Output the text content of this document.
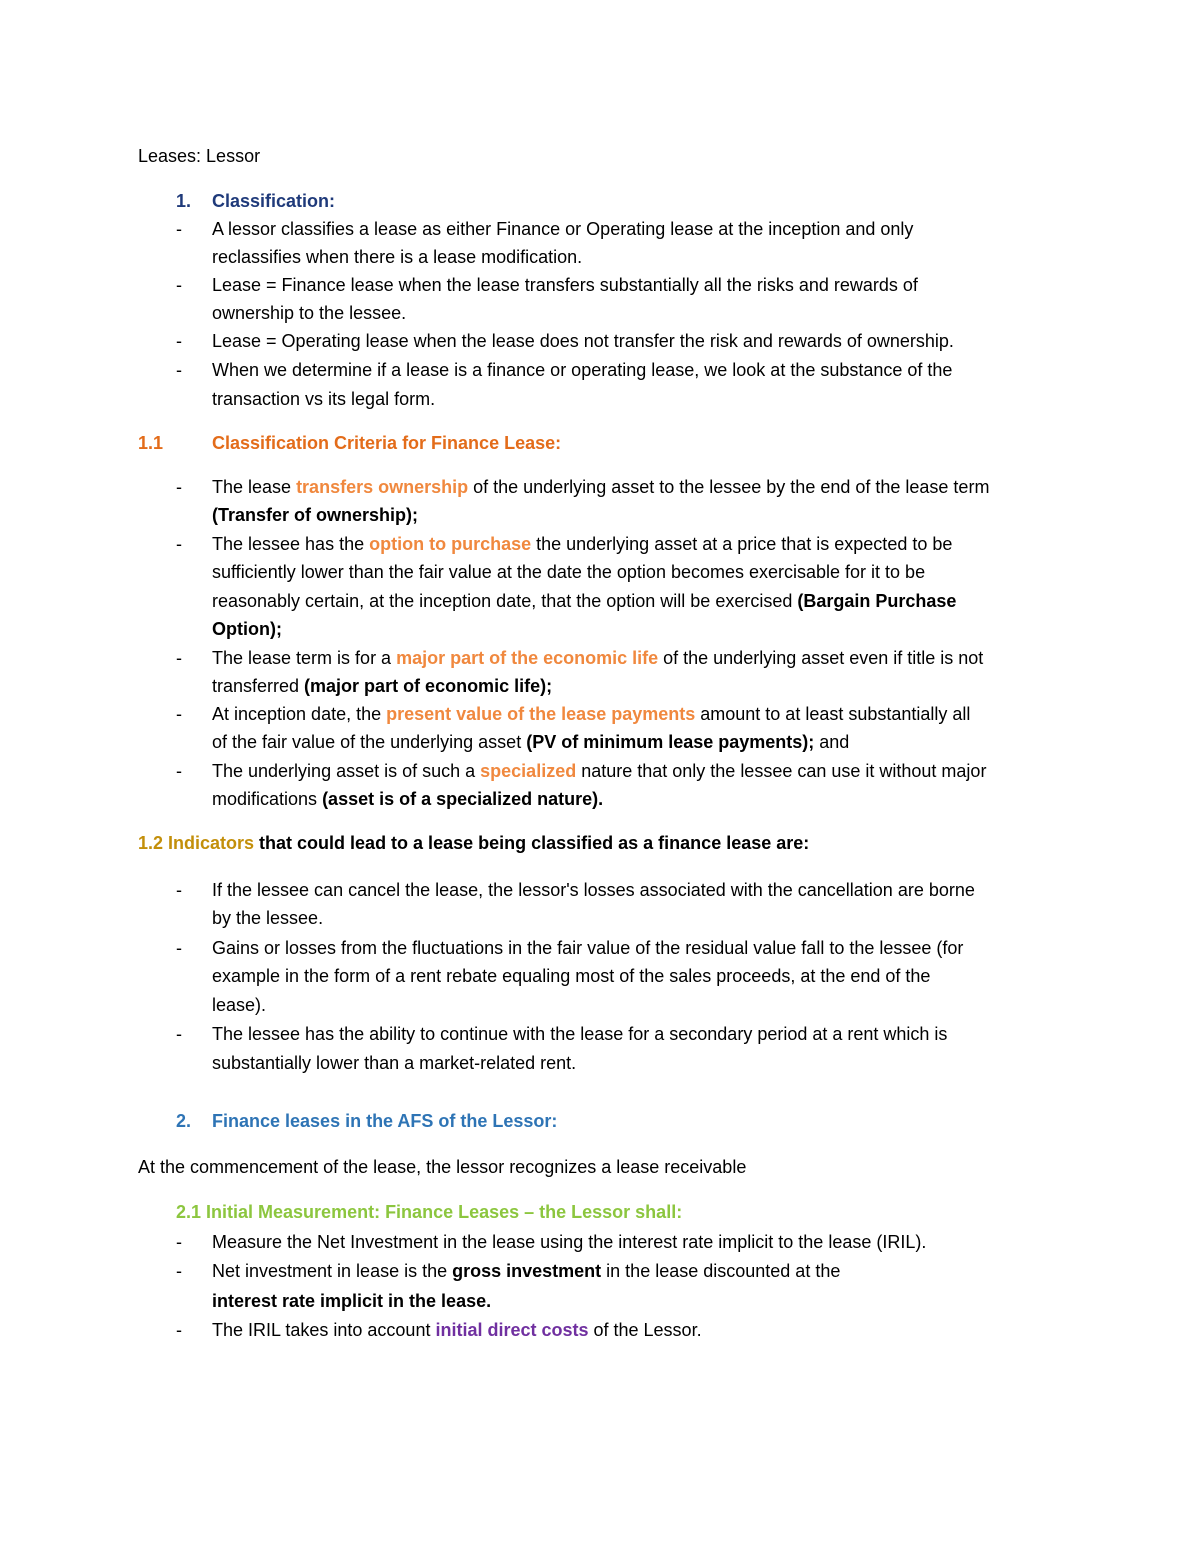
Leases: Lessor
1. Classification:
- A lessor classifies a lease as either Finance or Operating lease at the inception and only
reclassifies when there is a lease modification.
- Lease = Finance lease when the lease transfers substantially all the risks and rewards of
ownership to the lessee.
- Lease = Operating lease when the lease does not transfer the risk and rewards of ownership.
- When we determine if a lease is a finance or operating lease, we look at the substance of the
transaction vs its legal form.
1.1	Classification Criteria for Finance Lease:
- The lease transfers ownership of the underlying asset to the lessee by the end of the lease term
(Transfer of ownership);
- The lessee has the option to purchase the underlying asset at a price that is expected to be
sufficiently lower than the fair value at the date the option becomes exercisable for it to be
reasonably certain, at the inception date, that the option will be exercised (Bargain Purchase
Option);
- The lease term is for a major part of the economic life of the underlying asset even if title is not
transferred (major part of economic life);
- At inception date, the present value of the lease payments amount to at least substantially all
of the fair value of the underlying asset (PV of minimum lease payments); and
- The underlying asset is of such a specialized nature that only the lessee can use it without major
modifications (asset is of a specialized nature).
1.2 Indicators that could lead to a lease being classified as a finance lease are:
- If the lessee can cancel the lease, the lessor's losses associated with the cancellation are borne
by the lessee.
- Gains or losses from the fluctuations in the fair value of the residual value fall to the lessee (for
example in the form of a rent rebate equaling most of the sales proceeds, at the end of the
lease).
- The lessee has the ability to continue with the lease for a secondary period at a rent which is
substantially lower than a market-related rent.
2. Finance leases in the AFS of the Lessor:
At the commencement of the lease, the lessor recognizes a lease receivable
2.1 Initial Measurement: Finance Leases – the Lessor shall:
- Measure the Net Investment in the lease using the interest rate implicit to the lease (IRIL).
- Net investment in lease is the gross investment in the lease discounted at the
interest rate implicit in the lease.
- The IRIL takes into account initial direct costs of the Lessor.
